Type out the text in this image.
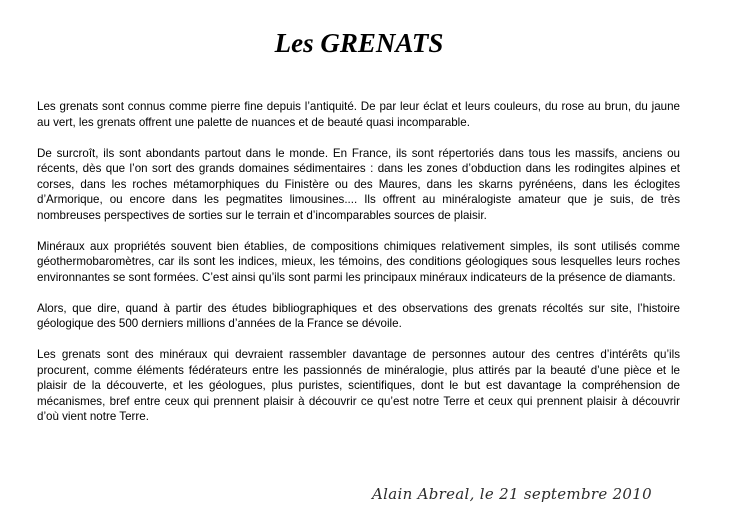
Les GRENATS

Les grenats sont connus comme pierre fine depuis l’antiquité. De par leur éclat et leurs couleurs, du rose au brun, du jaune au vert, les grenats offrent une palette de nuances et de beauté quasi incomparable.

De surcroît, ils sont abondants partout dans le monde. En France, ils sont répertoriés dans tous les massifs, anciens ou récents, dès que l’on sort des grands domaines sédimentaires : dans les zones d’obduction dans les rodingites alpines et corses, dans les roches métamorphiques du Finistère ou des Maures, dans les skarns pyrénéens, dans les éclogites d’Armorique, ou encore dans les pegmatites limousines.... Ils offrent au minéralogiste amateur que je suis, de très nombreuses perspectives de sorties sur le terrain et d’incomparables sources de plaisir.

Minéraux aux propriétés souvent bien établies, de compositions chimiques relativement simples, ils sont utilisés comme géothermobaromètres, car ils sont les indices, mieux, les témoins, des conditions géologiques sous lesquelles leurs roches environnantes se sont formées. C’est ainsi qu’ils sont parmi les principaux minéraux indicateurs de la présence de diamants.

Alors, que dire, quand à partir des études bibliographiques et des observations des grenats récoltés sur site, l’histoire géologique des 500 derniers millions d’années de la France se dévoile.

Les grenats sont des minéraux qui devraient rassembler davantage de personnes autour des centres d’intérêts qu’ils procurent, comme éléments fédérateurs entre les passionnés de minéralogie, plus attirés par la beauté d’une pièce et le plaisir de la découverte, et les géologues, plus puristes, scientifiques, dont le but est davantage la compréhension de mécanismes, bref entre ceux qui prennent plaisir à découvrir ce qu’est notre Terre et ceux qui prennent plaisir à découvrir d’où vient notre Terre.

Alain Abreal, le 21 septembre 2010
